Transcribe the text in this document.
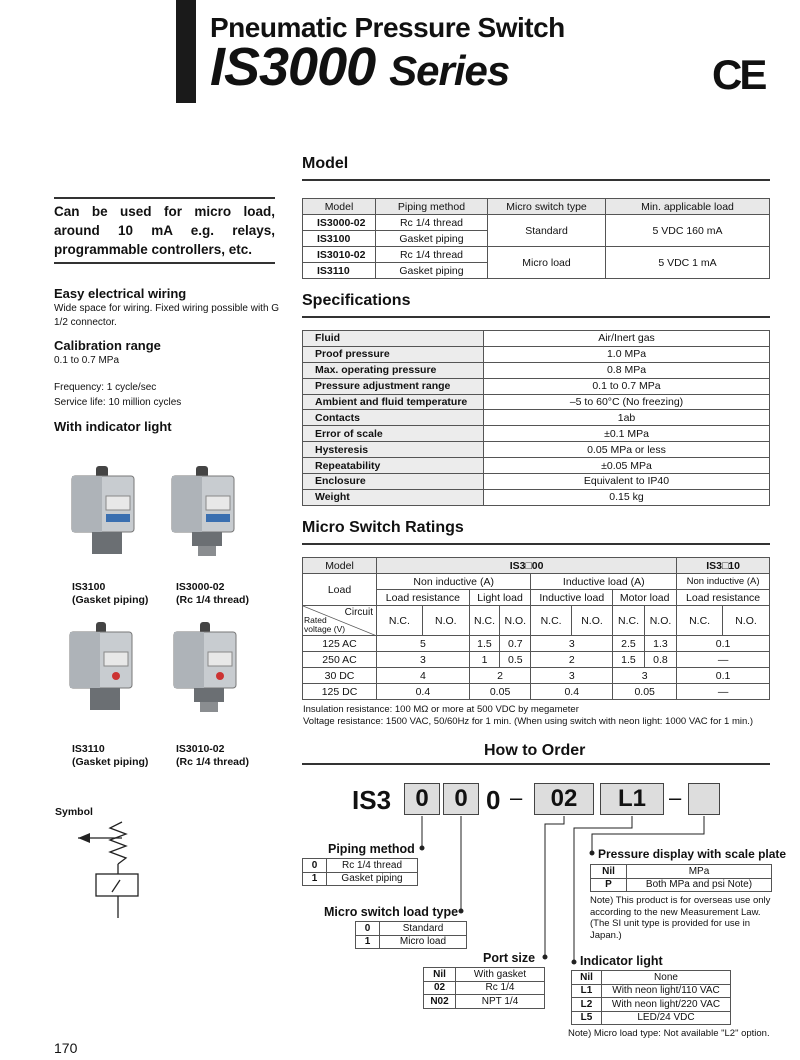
Pneumatic Pressure Switch
IS3000 Series	CE
Model
Model	Piping method	Micro switch type	Min. applicable load
IS3000-02	Rc 1/4 thread	Standard	5 VDC 160 mA
IS3100	Gasket piping		
IS3010-02	Rc 1/4 thread	Micro load	5 VDC 1 mA
IS3110	Gasket piping		
Can be used for micro load, around 10 mA e.g. relays, programmable controllers, etc.
Easy electrical wiring
Wide space for wiring. Fixed wiring possible with G 1/2 connector.
Calibration range
0.1 to 0.7 MPa
Frequency: 1 cycle/sec
Service life: 10 million cycles
With indicator light
IS3100
(Gasket piping)
IS3000-02
(Rc 1/4 thread)
IS3110
(Gasket piping)
IS3010-02
(Rc 1/4 thread)
Symbol
Specifications
Fluid	Air/Inert gas
Proof pressure	1.0 MPa
Max. operating pressure	0.8 MPa
Pressure adjustment range	0.1 to 0.7 MPa
Ambient and fluid temperature	–5 to 60°C (No freezing)
Contacts	1ab
Error of scale	±0.1 MPa
Hysteresis	0.05 MPa or less
Repeatability	±0.05 MPa
Enclosure	Equivalent to IP40
Weight	0.15 kg
Micro Switch Ratings
Model	IS3□00								IS3□10	
Load	Non inductive (A)				Inductive load (A)				Non inductive (A)	
	Load resistance		Light load		Inductive load		Motor load		Load resistance	

Circuit
Rated voltage (V)	N.C.	N.O.	N.C.	N.O.	N.C.	N.O.	N.C.	N.O.	N.C.	N.O.
125 AC	5		1.5	0.7	3		2.5	1.3	0.1	
250 AC	3		1	0.5	2		1.5	0.8	—	
30 DC	4		2		3		3		0.1	
125 DC	0.4		0.05		0.4		0.05		—	
Insulation resistance: 100 MΩ or more at 500 VDC by megameter
Voltage resistance: 1500 VAC, 50/60Hz for 1 min. (When using switch with neon light: 1000 VAC for 1 min.)
How to Order
IS3	0	0 0 –	02	L1	–
Piping method
0	Rc 1/4 thread
1	Gasket piping
Micro switch load type
0	Standard
1	Micro load
Port size
Nil	With gasket
02	Rc 1/4
N02	NPT 1/4
Pressure display with scale plate
Nil	MPa
P	Both MPa and psi Note)
Note) This product is for overseas use only according to the new Measurement Law. (The SI unit type is provided for use in Japan.)
Indicator light
Nil	None
L1	With neon light/110 VAC
L2	With neon light/220 VAC
L5	LED/24 VDC
Note) Micro load type: Not available "L2" option.
170
